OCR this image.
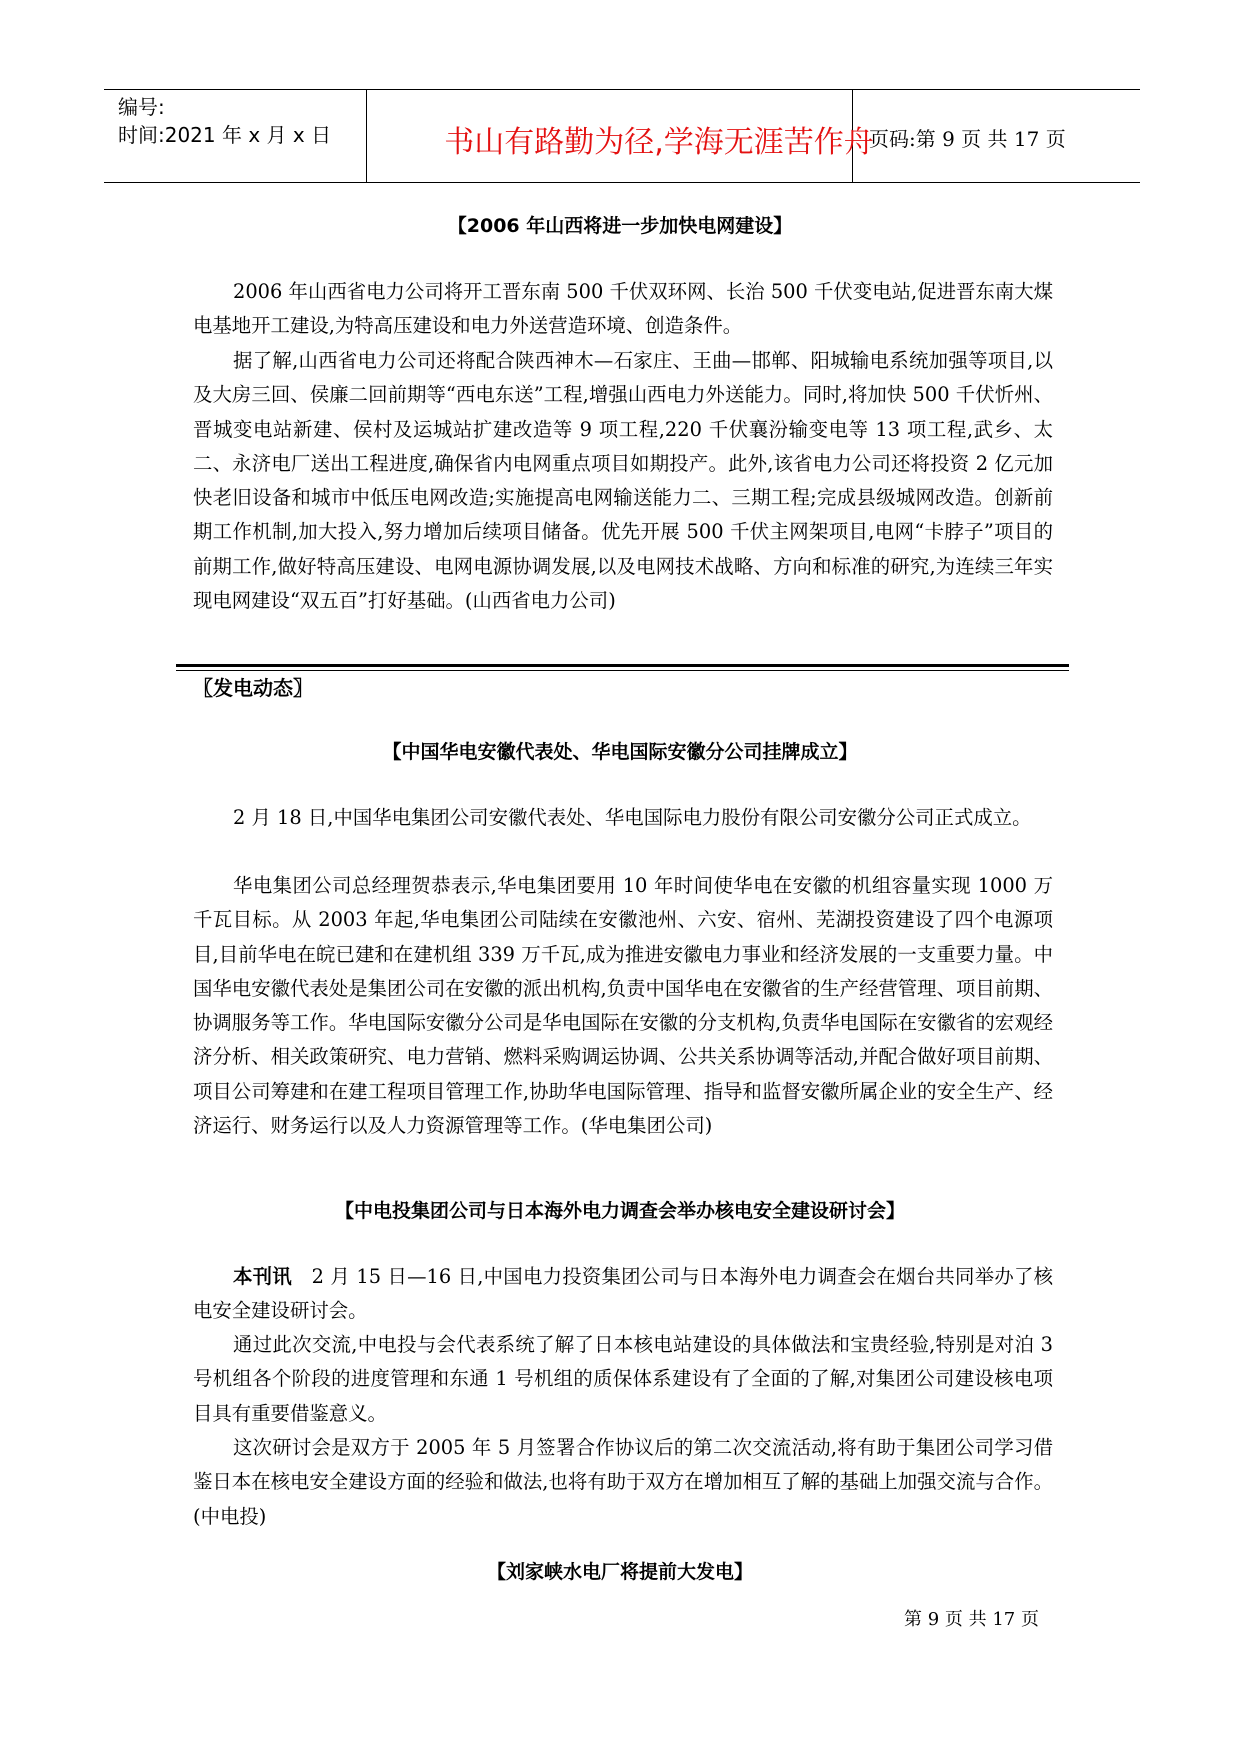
编号:
时间:2021 年 x 月 x 日	书山有路勤为径,学海无涯苦作舟
页码:第 9 页 共 17 页
【2006 年山西将进一步加快电网建设】
2006 年山西省电力公司将开工晋东南 500 千伏双环网、长治 500 千伏变电站,促进晋东南大煤电基地开工建设,为特高压建设和电力外送营造环境、创造条件。
据了解,山西省电力公司还将配合陕西神木—石家庄、王曲—邯郸、阳城输电系统加强等项目,以及大房三回、侯廉二回前期等“西电东送”工程,增强山西电力外送能力。同时,将加快 500 千伏忻州、晋城变电站新建、侯村及运城站扩建改造等 9 项工程,220 千伏襄汾输变电等 13 项工程,武乡、太二、永济电厂送出工程进度,确保省内电网重点项目如期投产。此外,该省电力公司还将投资 2 亿元加快老旧设备和城市中低压电网改造;实施提高电网输送能力二、三期工程;完成县级城网改造。创新前期工作机制,加大投入,努力增加后续项目储备。优先开展 500 千伏主网架项目,电网“卡脖子”项目的前期工作,做好特高压建设、电网电源协调发展,以及电网技术战略、方向和标准的研究,为连续三年实现电网建设“双五百”打好基础。(山西省电力公司)
〖发电动态〗
【中国华电安徽代表处、华电国际安徽分公司挂牌成立】
2 月 18 日,中国华电集团公司安徽代表处、华电国际电力股份有限公司安徽分公司正式成立。
华电集团公司总经理贺恭表示,华电集团要用 10 年时间使华电在安徽的机组容量实现 1000 万千瓦目标。从 2003 年起,华电集团公司陆续在安徽池州、六安、宿州、芜湖投资建设了四个电源项目,目前华电在皖已建和在建机组 339 万千瓦,成为推进安徽电力事业和经济发展的一支重要力量。中国华电安徽代表处是集团公司在安徽的派出机构,负责中国华电在安徽省的生产经营管理、项目前期、协调服务等工作。华电国际安徽分公司是华电国际在安徽的分支机构,负责华电国际在安徽省的宏观经济分析、相关政策研究、电力营销、燃料采购调运协调、公共关系协调等活动,并配合做好项目前期、项目公司筹建和在建工程项目管理工作,协助华电国际管理、指导和监督安徽所属企业的安全生产、经济运行、财务运行以及人力资源管理等工作。(华电集团公司)
【中电投集团公司与日本海外电力调查会举办核电安全建设研讨会】
本刊讯　 2 月 15 日—16 日,中国电力投资集团公司与日本海外电力调查会在烟台共同举办了核电安全建设研讨会。
通过此次交流,中电投与会代表系统了解了日本核电站建设的具体做法和宝贵经验,特别是对泊 3 号机组各个阶段的进度管理和东通 1 号机组的质保体系建设有了全面的了解,对集团公司建设核电项目具有重要借鉴意义。
这次研讨会是双方于 2005 年 5 月签署合作协议后的第二次交流活动,将有助于集团公司学习借鉴日本在核电安全建设方面的经验和做法,也将有助于双方在增加相互了解的基础上加强交流与合作。(中电投)
【刘家峡水电厂将提前大发电】
第 9 页 共 17 页
